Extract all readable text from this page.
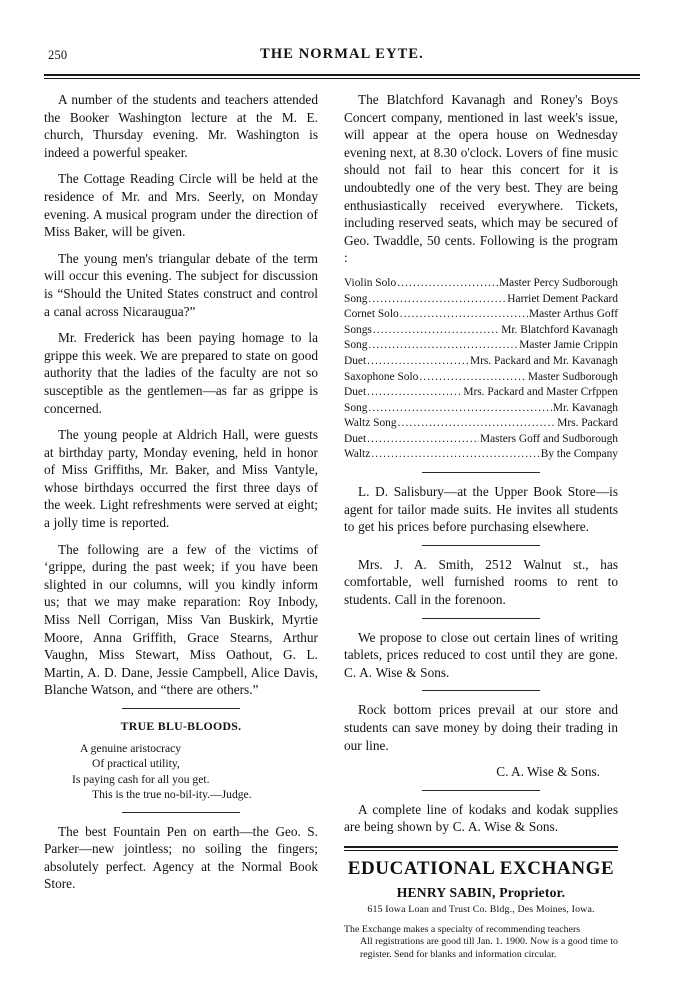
250	THE NORMAL EYTE.

A number of the students and teachers attended the Booker Washington lecture at the M. E. church, Thursday evening. Mr. Washington is indeed a powerful speaker.

The Cottage Reading Circle will be held at the residence of Mr. and Mrs. Seerly, on Monday evening. A musical program under the direction of Miss Baker, will be given.

The young men's triangular debate of the term will occur this evening. The subject for discussion is “Should the United States construct and control a canal across Nicaraugua?”

Mr. Frederick has been paying homage to la grippe this week. We are prepared to state on good authority that the ladies of the faculty are not so susceptible as the gentlemen—as far as grippe is concerned.

The young people at Aldrich Hall, were guests at birthday party, Monday evening, held in honor of Miss Griffiths, Mr. Baker, and Miss Vantyle, whose birthdays occurred the first three days of the week. Light refreshments were served at eight; a jolly time is reported.

The following are a few of the victims of ‘grippe, during the past week; if you have been slighted in our columns, will you kindly inform us; that we may make reparation: Roy Inbody, Miss Nell Corrigan, Miss Van Buskirk, Myrtie Moore, Anna Griffith, Grace Stearns, Arthur Vaughn, Miss Stewart, Miss Oathout, G. L. Martin, A. D. Dane, Jessie Campbell, Alice Davis, Blanche Watson, and “there are others.”

TRUE BLU-BLOODS.
A genuine aristocracy
Of practical utility,
Is paying cash for all you get.
This is the true no-bil-ity.—Judge.

The best Fountain Pen on earth—the Geo. S. Parker—new jointless; no soiling the fingers; absolutely perfect. Agency at the Normal Book Store.

The Blatchford Kavanagh and Roney's Boys Concert company, mentioned in last week's issue, will appear at the opera house on Wednesday evening next, at 8.30 o'clock. Lovers of fine music should not fail to hear this concert for it is undoubtedly one of the very best. They are being enthusiastically received everywhere. Tickets, including reserved seats, which may be secured of Geo. Twaddle, 50 cents. Following is the program :

Violin Solo .....	Master Percy Sudborough
Song .....	Harriet Dement Packard
Cornet Solo .....	Master Arthus Goff
Songs .....	Mr. Blatchford Kavanagh
Song .....	Master Jamie Crippin
Duet .....	Mrs. Packard and Mr. Kavanagh
Saxophone Solo .....	Master Sudborough
Duet .....	Mrs. Packard and Master Crfppen
Song .....	Mr. Kavanagh
Waltz Song .....	Mrs. Packard
Duet .....	Masters Goff and Sudborough
Waltz .....	By the Company

L. D. Salisbury—at the Upper Book Store—is agent for tailor made suits. He invites all students to get his prices before purchasing elsewhere.

Mrs. J. A. Smith, 2512 Walnut st., has comfortable, well furnished rooms to rent to students. Call in the forenoon.

We propose to close out certain lines of writing tablets, prices reduced to cost until they are gone. C. A. Wise & Sons.

Rock bottom prices prevail at our store and students can save money by doing their trading in our line.

C. A. Wise & Sons.

A complete line of kodaks and kodak supplies are being shown by C. A. Wise & Sons.

EDUCATIONAL EXCHANGE
HENRY SABIN, Proprietor.
615 Iowa Loan and Trust Co. Bldg., Des Moines, Iowa.
The Exchange makes a specialty of recommending teachers
All registrations are good till Jan. 1. 1900. Now is a good time to register. Send for blanks and information circular.
